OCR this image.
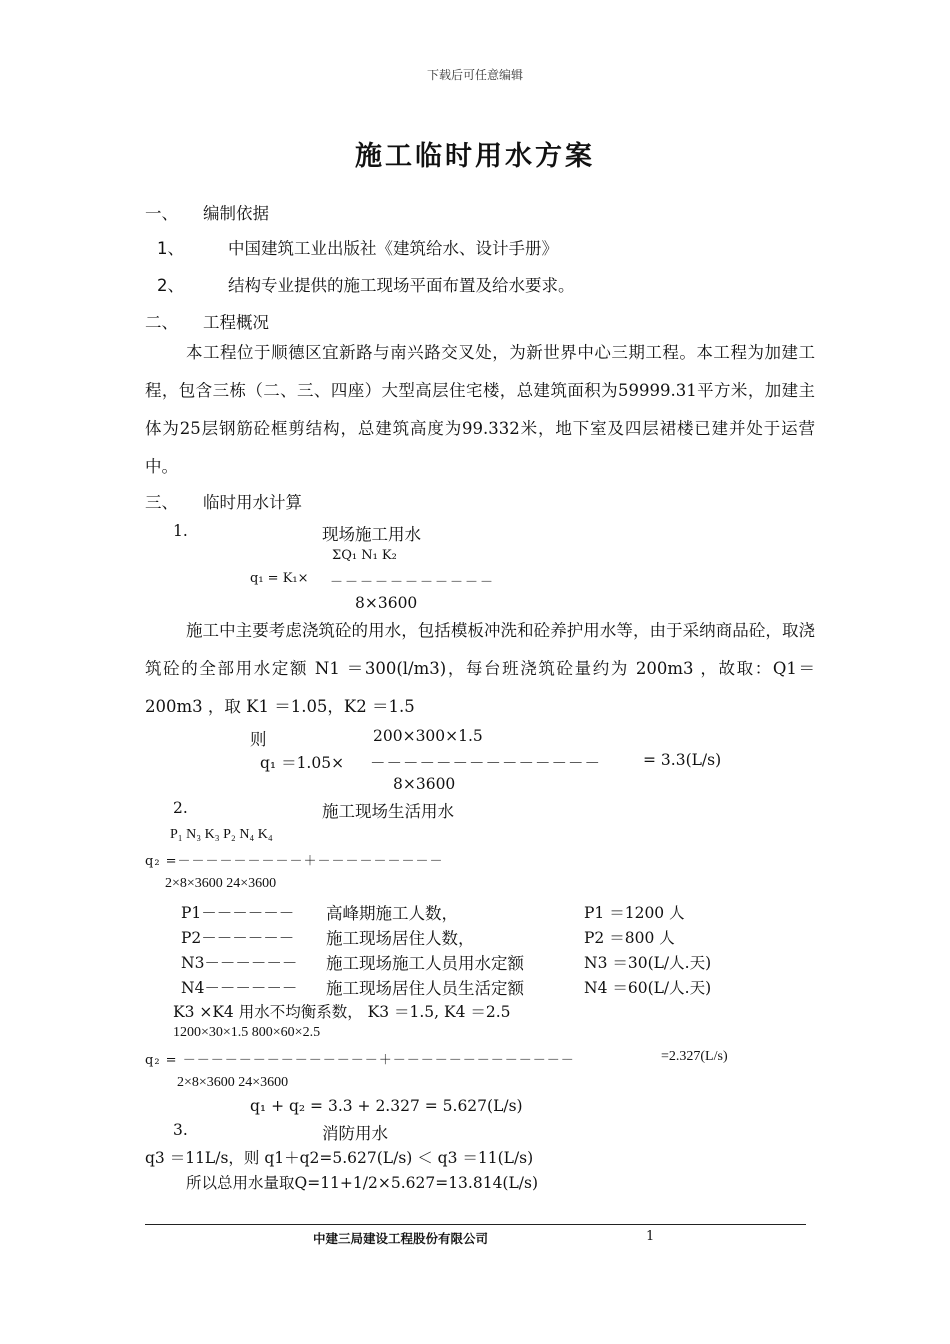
下载后可任意编辑
施工临时用水方案
一、 编制依据
1、	中国建筑工业出版社《建筑给水、设计手册》
2、	结构专业提供的施工现场平面布置及给水要求。
二、 工程概况
本工程位于顺德区宜新路与南兴路交叉处，为新世界中心三期工程。本工程为加建工程，包含三栋（二、三、四座）大型高层住宅楼，总建筑面积为59999.31平方米，加建主体为25层钢筋砼框剪结构，总建筑高度为99.332米，地下室及四层裙楼已建并处于运营中。
三、 临时用水计算
1.	现场施工用水
ΣQ₁ N₁ K₂
q₁ = K₁× －－－－－－－－－－－
8×3600
施工中主要考虑浇筑砼的用水，包括模板冲洗和砼养护用水等，由于采纳商品砼，取浇筑砼的全部用水定额 N1 ＝300(l/m3)，每台班浇筑砼量约为 200m3 ，故取：Q1＝200m3 ，取 K1 ＝1.05，K2 ＝1.5
则	200×300×1.5
q₁ ＝1.05× －－－－－－－－－－－－－－	= 3.3(L/s)
8×3600
2.	施工现场生活用水
P₁ N₃ K₃ P₂ N₄ K₄
q₂ =－－－－－－－－－＋－－－－－－－－－
2×8×3600 24×3600
P1－－－－－－ 高峰期施工人数，	P1 ＝1200 人
P2－－－－－－ 施工现场居住人数，	P2 ＝800 人
N3－－－－－－ 施工现场施工人员用水定额	N3 ＝30(L/人.天)
N4－－－－－－ 施工现场居住人员生活定额	N4 ＝60(L/人.天)
K3 ×K4 用水不均衡系数， K3 ＝1.5, K4 ＝2.5
1200×30×1.5 800×60×2.5
q₂ = －－－－－－－－－－－－－－＋－－－－－－－－－－－－－	=2.327(L/s)
2×8×3600 24×3600
q₁ + q₂ = 3.3 + 2.327 = 5.627(L/s)
3.	消防用水
q3 ＝11L/s，则 q1＋q2=5.627(L/s) ＜ q3 ＝11(L/s)
所以总用水量取Q=11+1/2×5.627=13.814(L/s)
中建三局建设工程股份有限公司	1
